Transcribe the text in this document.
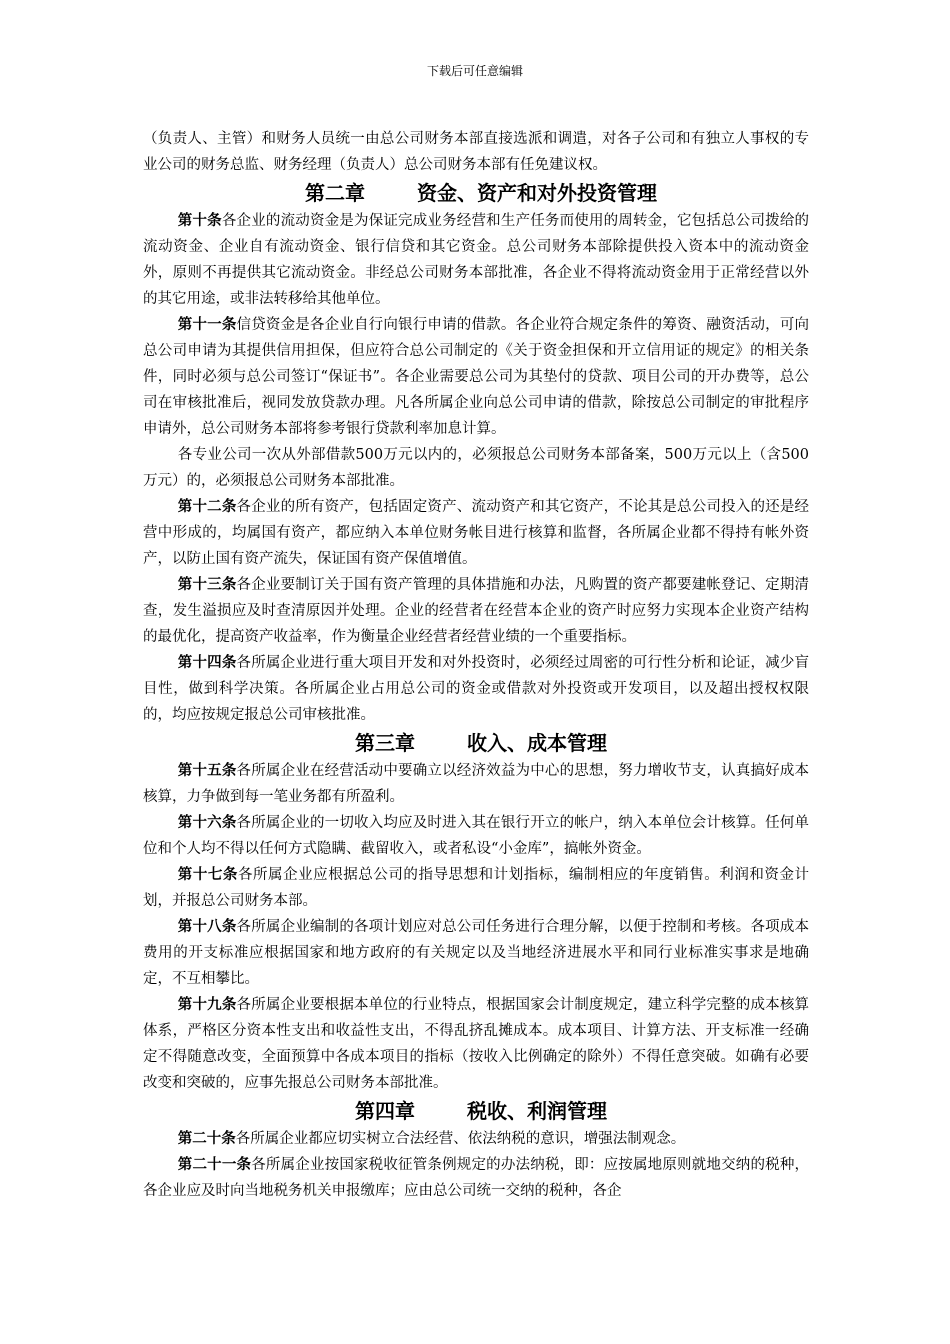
下载后可任意编辑

（负责人、主管）和财务人员统一由总公司财务本部直接选派和调遣，对各子公司和有独立人事权的专业公司的财务总监、财务经理（负责人）总公司财务本部有任免建议权。

第二章	资金、资产和对外投资管理

第十条各企业的流动资金是为保证完成业务经营和生产任务而使用的周转金，它包括总公司拨给的流动资金、企业自有流动资金、银行信贷和其它资金。总公司财务本部除提供投入资本中的流动资金外，原则不再提供其它流动资金。非经总公司财务本部批准，各企业不得将流动资金用于正常经营以外的其它用途，或非法转移给其他单位。

第十一条信贷资金是各企业自行向银行申请的借款。各企业符合规定条件的筹资、融资活动，可向总公司申请为其提供信用担保，但应符合总公司制定的《关于资金担保和开立信用证的规定》的相关条件，同时必须与总公司签订“保证书”。各企业需要总公司为其垫付的贷款、项目公司的开办费等，总公司在审核批准后，视同发放贷款办理。凡各所属企业向总公司申请的借款，除按总公司制定的审批程序申请外，总公司财务本部将参考银行贷款利率加息计算。

各专业公司一次从外部借款500万元以内的，必须报总公司财务本部备案，500万元以上（含500万元）的，必须报总公司财务本部批准。

第十二条各企业的所有资产，包括固定资产、流动资产和其它资产，不论其是总公司投入的还是经营中形成的，均属国有资产，都应纳入本单位财务帐目进行核算和监督，各所属企业都不得持有帐外资产，以防止国有资产流失，保证国有资产保值增值。

第十三条各企业要制订关于国有资产管理的具体措施和办法，凡购置的资产都要建帐登记、定期清查，发生溢损应及时查清原因并处理。企业的经营者在经营本企业的资产时应努力实现本企业资产结构的最优化，提高资产收益率，作为衡量企业经营者经营业绩的一个重要指标。

第十四条各所属企业进行重大项目开发和对外投资时，必须经过周密的可行性分析和论证，减少盲目性，做到科学决策。各所属企业占用总公司的资金或借款对外投资或开发项目，以及超出授权权限的，均应按规定报总公司审核批准。

第三章	收入、成本管理

第十五条各所属企业在经营活动中要确立以经济效益为中心的思想，努力增收节支，认真搞好成本核算，力争做到每一笔业务都有所盈利。

第十六条各所属企业的一切收入均应及时进入其在银行开立的帐户，纳入本单位会计核算。任何单位和个人均不得以任何方式隐瞒、截留收入，或者私设“小金库”，搞帐外资金。

第十七条各所属企业应根据总公司的指导思想和计划指标，编制相应的年度销售。利润和资金计划，并报总公司财务本部。

第十八条各所属企业编制的各项计划应对总公司任务进行合理分解，以便于控制和考核。各项成本费用的开支标准应根据国家和地方政府的有关规定以及当地经济进展水平和同行业标准实事求是地确定，不互相攀比。

第十九条各所属企业要根据本单位的行业特点，根据国家会计制度规定，建立科学完整的成本核算体系，严格区分资本性支出和收益性支出，不得乱挤乱摊成本。成本项目、计算方法、开支标准一经确定不得随意改变，全面预算中各成本项目的指标（按收入比例确定的除外）不得任意突破。如确有必要改变和突破的，应事先报总公司财务本部批准。

第四章	税收、利润管理

第二十条各所属企业都应切实树立合法经营、依法纳税的意识，增强法制观念。

第二十一条各所属企业按国家税收征管条例规定的办法纳税，即：应按属地原则就地交纳的税种，各企业应及时向当地税务机关申报缴库；应由总公司统一交纳的税种，各企
